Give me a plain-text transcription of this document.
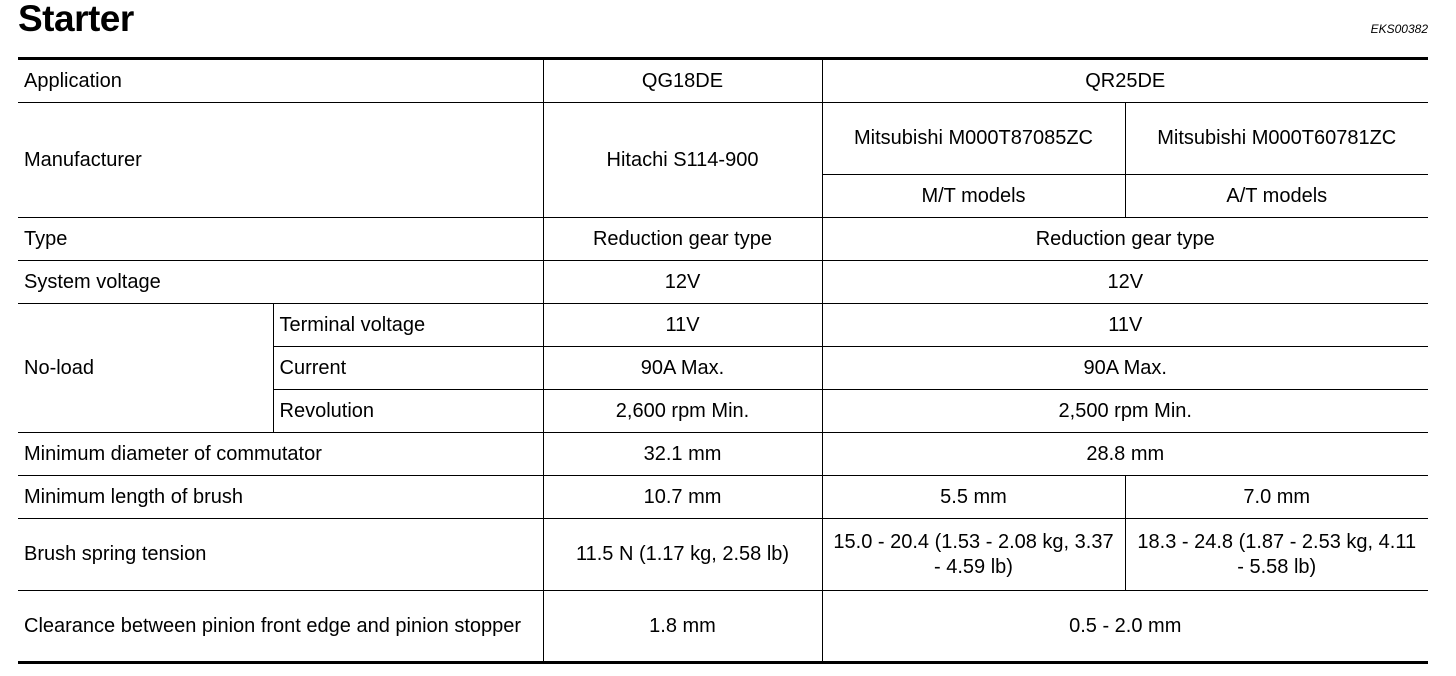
Starter	EKS00382
Application		QG18DE	QR25DE	
Manufacturer		Hitachi S114-900	Mitsubishi M000T87085ZC	Mitsubishi M000T60781ZC
			M/T models	A/T models
Type		Reduction gear type	Reduction gear type	
System voltage		12V	12V	
No-load	Terminal voltage	11V	11V	
	Current	90A Max.	90A Max.	
	Revolution	2,600 rpm Min.	2,500 rpm Min.	
Minimum diameter of commutator		32.1 mm	28.8 mm	
Minimum length of brush		10.7 mm	5.5 mm	7.0 mm
Brush spring tension		11.5 N (1.17 kg, 2.58 lb)	15.0 - 20.4 (1.53 - 2.08 kg, 3.37 - 4.59 lb)	18.3 - 24.8 (1.87 - 2.53 kg, 4.11 - 5.58 lb)
Clearance between pinion front edge and pinion stopper		1.8 mm	0.5 - 2.0 mm	
